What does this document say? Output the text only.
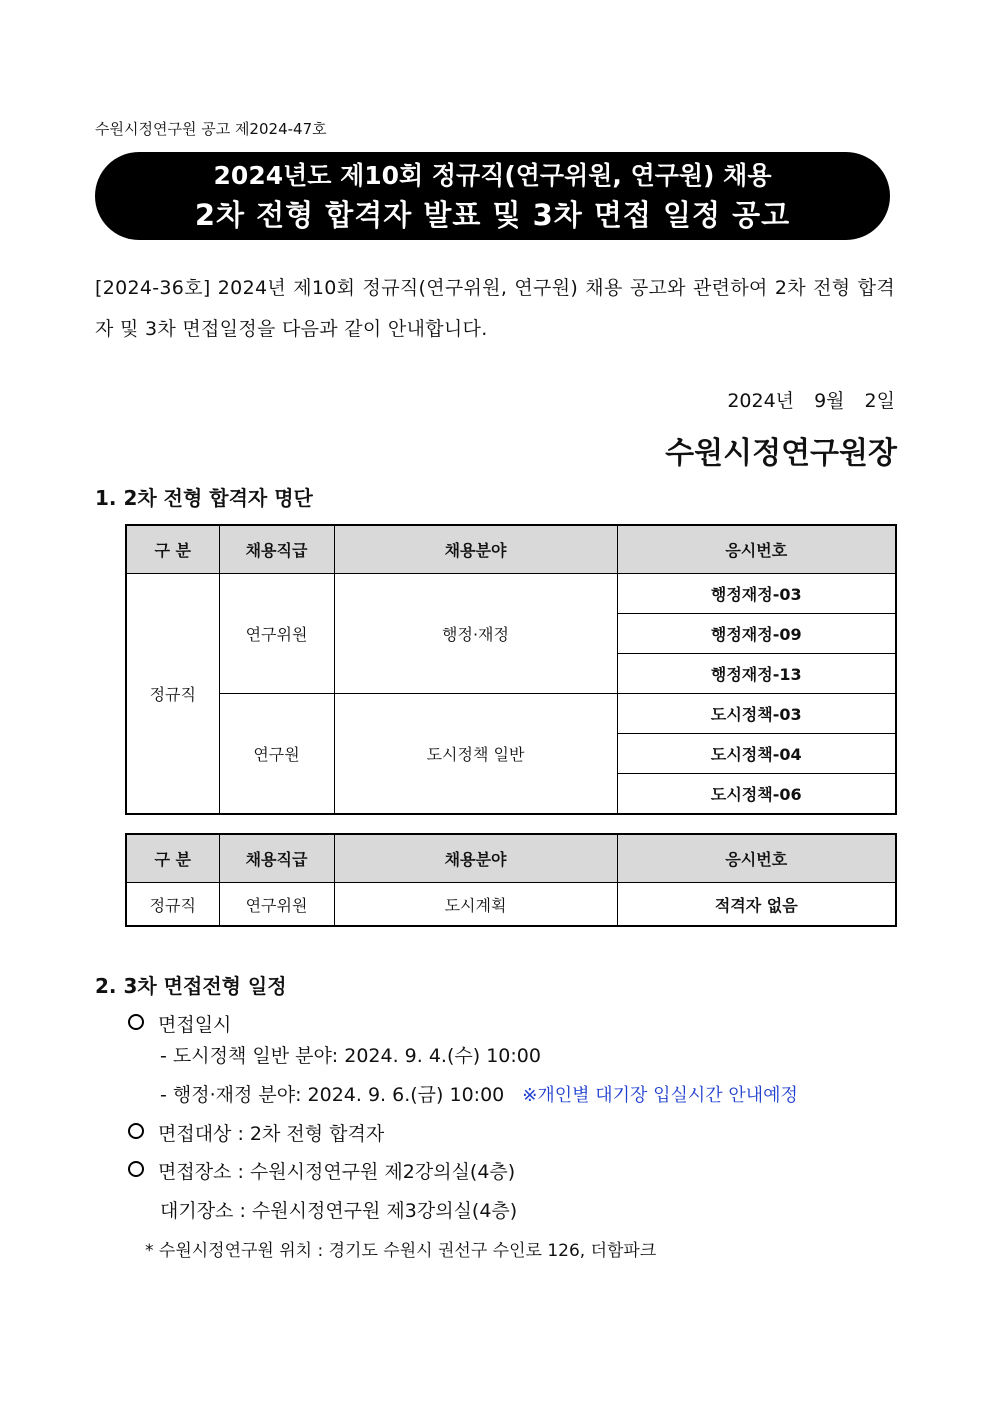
수원시정연구원 공고 제2024-47호
2024년도 제10회 정규직(연구위원, 연구원) 채용
2차 전형 합격자 발표 및 3차 면접 일정 공고
[2024-36호] 2024년 제10회 정규직(연구위원, 연구원) 채용 공고와 관련하여 2차 전형 합격자 및 3차 면접일정을 다음과 같이 안내합니다.
2024년 9월 2일
수원시정연구원장
1. 2차 전형 합격자 명단
구 분	채용직급	채용분야	응시번호
정규직	연구위원	행정·재정	행정재정-03
			행정재정-09
			행정재정-13
	연구원	도시정책 일반	도시정책-03
			도시정책-04
			도시정책-06
구 분	채용직급	채용분야	응시번호
정규직	연구위원	도시계획	적격자 없음
2. 3차 면접전형 일정
면접일시
- 도시정책 일반 분야: 2024. 9. 4.(수) 10:00
- 행정·재정 분야: 2024. 9. 6.(금) 10:00 ※개인별 대기장 입실시간 안내예정
면접대상 : 2차 전형 합격자
면접장소 : 수원시정연구원 제2강의실(4층)
대기장소 : 수원시정연구원 제3강의실(4층)
* 수원시정연구원 위치 : 경기도 수원시 권선구 수인로 126, 더함파크
